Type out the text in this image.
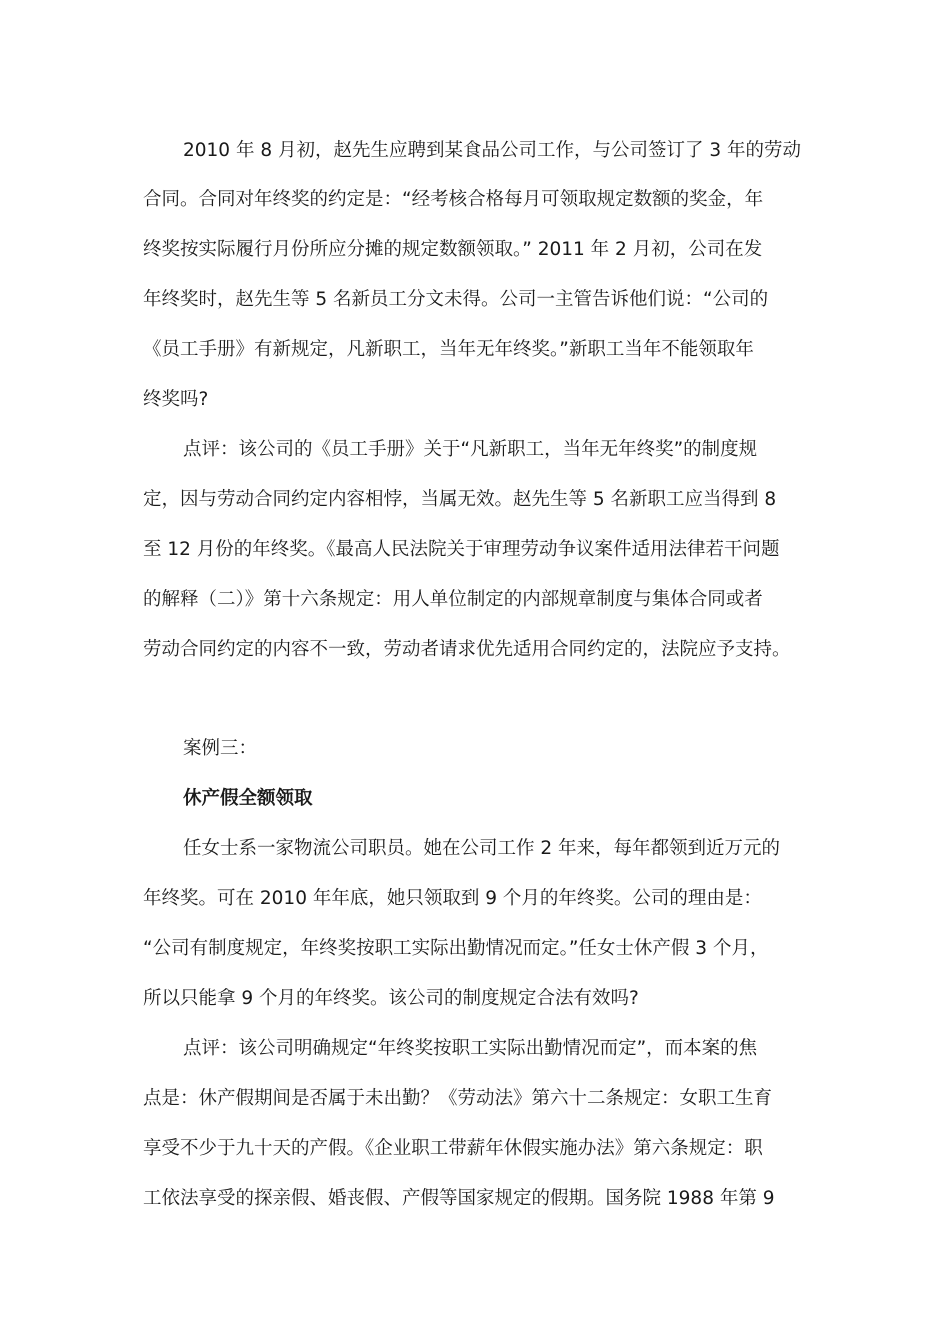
2010 年 8 月初，赵先生应聘到某食品公司工作，与公司签订了 3 年的劳动
合同。合同对年终奖的约定是：“经考核合格每月可领取规定数额的奖金，年
终奖按实际履行月份所应分摊的规定数额领取。” 2011 年 2 月初，公司在发
年终奖时，赵先生等 5 名新员工分文未得。公司一主管告诉他们说：“公司的
《员工手册》有新规定，凡新职工，当年无年终奖。”新职工当年不能领取年
终奖吗?
点评：该公司的《员工手册》关于“凡新职工，当年无年终奖”的制度规
定，因与劳动合同约定内容相悖，当属无效。赵先生等 5 名新职工应当得到 8
至 12 月份的年终奖。《最高人民法院关于审理劳动争议案件适用法律若干问题
的解释（二）》第十六条规定：用人单位制定的内部规章制度与集体合同或者
劳动合同约定的内容不一致，劳动者请求优先适用合同约定的，法院应予支持。
案例三：
休产假全额领取
任女士系一家物流公司职员。她在公司工作 2 年来，每年都领到近万元的
年终奖。可在 2010 年年底，她只领取到 9 个月的年终奖。公司的理由是：
“公司有制度规定，年终奖按职工实际出勤情况而定。”任女士休产假 3 个月，
所以只能拿 9 个月的年终奖。该公司的制度规定合法有效吗?
点评：该公司明确规定“年终奖按职工实际出勤情况而定”，而本案的焦
点是：休产假期间是否属于未出勤？《劳动法》第六十二条规定：女职工生育
享受不少于九十天的产假。《企业职工带薪年休假实施办法》第六条规定：职
工依法享受的探亲假、婚丧假、产假等国家规定的假期。国务院 1988 年第 9
